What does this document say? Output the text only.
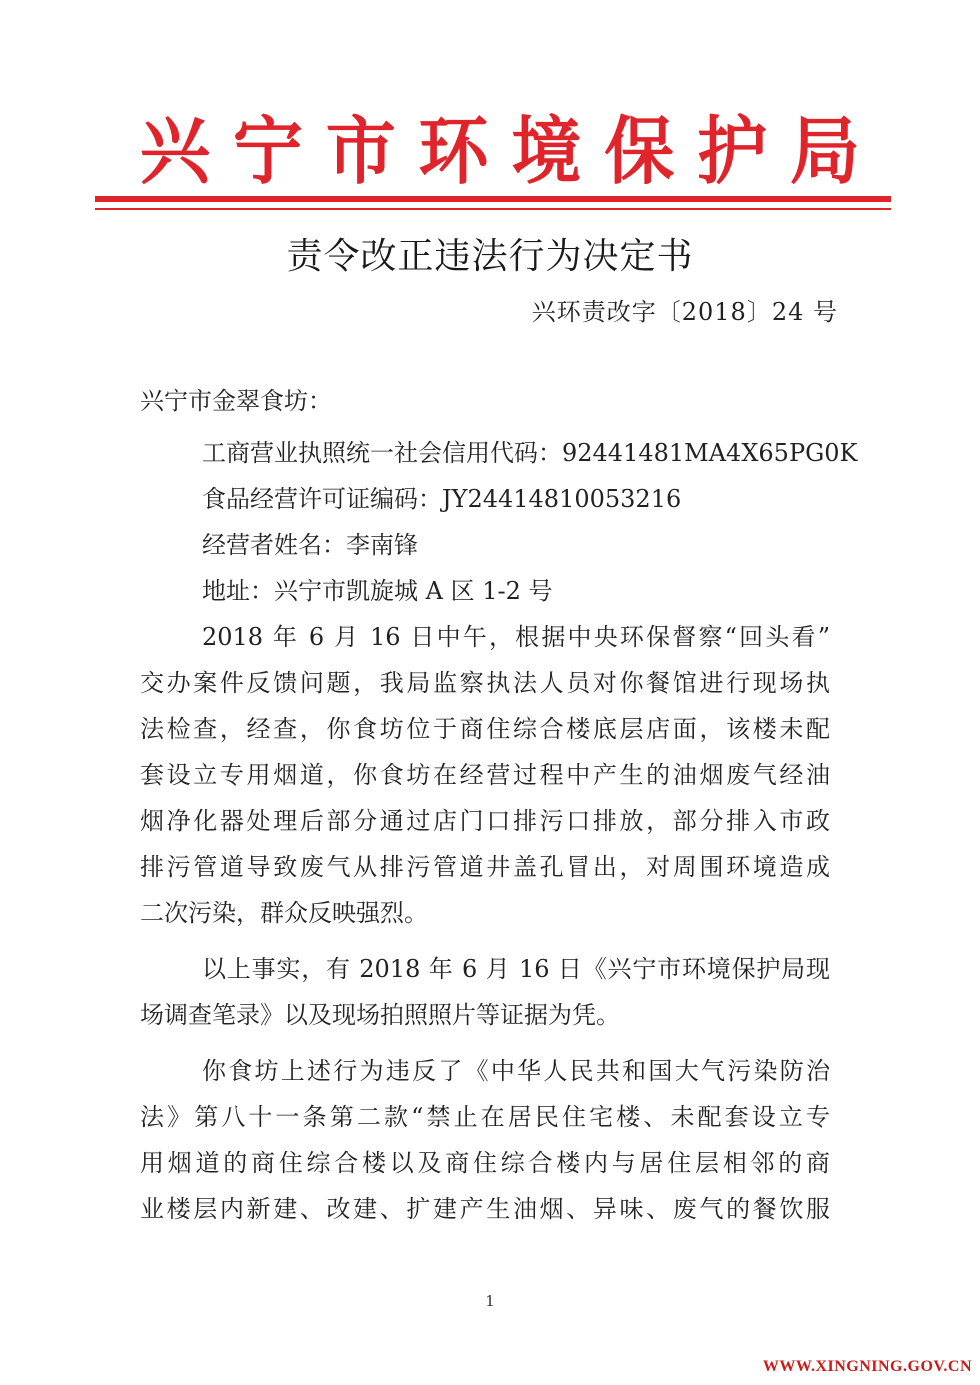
兴 宁 市 环 境 保 护 局
责令改正违法行为决定书
兴环责改字〔2018〕24 号
兴宁市金翠食坊：
工商营业执照统一社会信用代码：92441481MA4X65PG0K
食品经营许可证编码：JY24414810053216
经营者姓名：李南锋
地址：兴宁市凯旋城 A 区 1-2 号
2018 年 6 月 16 日中午，根据中央环保督察“回头看”
交办案件反馈问题，我局监察执法人员对你餐馆进行现场执
法检查，经查，你食坊位于商住综合楼底层店面，该楼未配
套设立专用烟道，你食坊在经营过程中产生的油烟废气经油
烟净化器处理后部分通过店门口排污口排放，部分排入市政
排污管道导致废气从排污管道井盖孔冒出，对周围环境造成
二次污染，群众反映强烈。
以上事实，有 2018 年 6 月 16 日《兴宁市环境保护局现
场调查笔录》以及现场拍照照片等证据为凭。
你食坊上述行为违反了《中华人民共和国大气污染防治
法》第八十一条第二款“禁止在居民住宅楼、未配套设立专
用烟道的商住综合楼以及商住综合楼内与居住层相邻的商
业楼层内新建、改建、扩建产生油烟、异味、废气的餐饮服
1
WWW.XINGNING.GOV.CN
